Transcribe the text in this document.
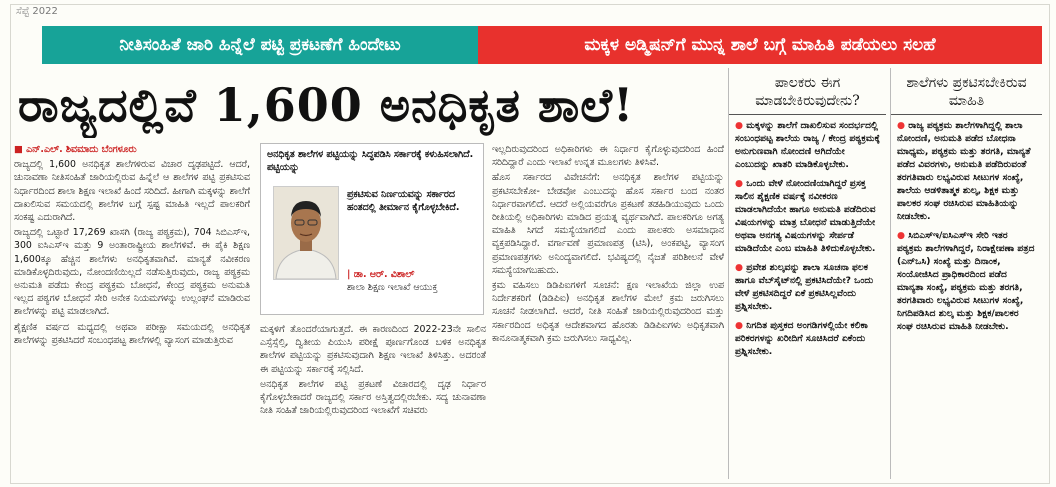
ಸೆಪ್ಟೆ 2022
ನೀತಿಸಂಹಿತೆ ಜಾರಿ ಹಿನ್ನೆಲೆ ಪಟ್ಟಿ ಪ್ರಕಟಣೆಗೆ ಹಿಂದೇಟು	ಮಕ್ಕಳ ಅಡ್ಮಿಷನ್‌ಗೆ ಮುನ್ನ ಶಾಲೆ ಬಗ್ಗೆ ಮಾಹಿತಿ ಪಡೆಯಲು ಸಲಹೆ
ರಾಜ್ಯದಲ್ಲಿವೆ 1,600 ಅನಧಿಕೃತ ಶಾಲೆ!

■ ಎನ್.ಎಲ್. ಶಿವಮಾದು ಬೆಂಗಳೂರು

ರಾಜ್ಯದಲ್ಲಿ 1,600 ಅನಧಿಕೃತ ಶಾಲೆಗಳಿರುವ ವಿಚಾರ ದೃಢಪಟ್ಟಿದೆ. ಆದರೆ, ಚುನಾವಣಾ ನೀತಿಸಂಹಿತೆ ಜಾರಿಯಲ್ಲಿರುವ ಹಿನ್ನೆಲೆ ಆ ಶಾಲೆಗಳ ಪಟ್ಟಿ ಪ್ರಕಟಿಸುವ ನಿರ್ಧಾರದಿಂದ ಶಾಲಾ ಶಿಕ್ಷಣ ಇಲಾಖೆ ಹಿಂದೆ ಸರಿದಿದೆ. ಹೀಗಾಗಿ ಮಕ್ಕಳನ್ನು ಶಾಲೆಗೆ ದಾಖಲಿಸುವ ಸಮಯದಲ್ಲಿ ಶಾಲೆಗಳ ಬಗ್ಗೆ ಸ್ಪಷ್ಟ ಮಾಹಿತಿ ಇಲ್ಲದೆ ಪಾಲಕರಿಗೆ ಸಂಕಷ್ಟ ಎದುರಾಗಿದೆ.

ರಾಜ್ಯದಲ್ಲಿ ಒಟ್ಟಾರೆ 17,269 ಖಾಸಗಿ (ರಾಜ್ಯ ಪಠ್ಯಕ್ರಮ), 704 ಸಿಬಿಎಸ್‌ಇ, 300 ಐಸಿಎಸ್‌ಇ ಮತ್ತು 9 ಅಂತಾರಾಷ್ಟ್ರೀಯ ಶಾಲೆಗಳಿವೆ. ಈ ಪೈಕಿ ಶಿಕ್ಷಣ 1,600ಕ್ಕೂ ಹೆಚ್ಚಿನ ಶಾಲೆಗಳು ಅನಧಿಕೃತವಾಗಿವೆ. ಮಾನ್ಯತೆ ನವೀಕರಣ ಮಾಡಿಕೊಳ್ಳದಿರುವುದು, ನೋಂದಣಿಯಿಲ್ಲದೆ ನಡೆಸುತ್ತಿರುವುದು, ರಾಜ್ಯ ಪಠ್ಯಕ್ರಮ ಅನುಮತಿ ಪಡೆದು ಕೇಂದ್ರ ಪಠ್ಯಕ್ರಮ ಬೋಧನೆ, ಕೇಂದ್ರ ಪಠ್ಯಕ್ರಮ ಅನುಮತಿ ಇಲ್ಲದ ಪಠ್ಯಗಳ ಬೋಧನೆ ಸೇರಿ ಅನೇಕ ನಿಯಮಗಳನ್ನು ಉಲ್ಲಂಘನೆ ಮಾಡಿರುವ ಶಾಲೆಗಳನ್ನು ಪಟ್ಟಿ ಮಾಡಲಾಗಿದೆ.

ಶೈಕ್ಷಣಿಕ ವರ್ಷದ ಮಧ್ಯದಲ್ಲಿ ಅಥವಾ ಪರೀಕ್ಷಾ ಸಮಯದಲ್ಲಿ ಅನಧಿಕೃತ ಶಾಲೆಗಳನ್ನು ಪ್ರಕಟಿಸಿದರೆ ಸಂಬಂಧಪಟ್ಟ ಶಾಲೆಗಳಲ್ಲಿ ವ್ಯಾಸಂಗ ಮಾಡುತ್ತಿರುವ

ಅನಧಿಕೃತ ಶಾಲೆಗಳ ಪಟ್ಟಿಯನ್ನು ಸಿದ್ಧಪಡಿಸಿ ಸರ್ಕಾರಕ್ಕೆ ಕಳುಹಿಸಲಾಗಿದೆ. ಪಟ್ಟಿಯನ್ನು
ಪ್ರಕಟಿಸುವ ನಿರ್ಣಯವನ್ನು ಸರ್ಕಾರದ ಹಂತದಲ್ಲಿ ತೀರ್ಮಾನ ಕೈಗೊಳ್ಳಬೇಕಿದೆ.
| ಡಾ. ಆರ್. ವಿಶಾಲ್
ಶಾಲಾ ಶಿಕ್ಷಣ ಇಲಾಖೆ ಆಯುಕ್ತ

ಮಕ್ಕಳಿಗೆ ತೊಂದರೆಯಾಗುತ್ತದೆ. ಈ ಕಾರಣದಿಂದ 2022-23ನೇ ಸಾಲಿನ ಎಸ್ಸೆಸ್ಸೆಲ್ಸಿ, ದ್ವಿತೀಯ ಪಿಯುಸಿ ಪರೀಕ್ಷೆ ಪೂರ್ಣಗೊಂಡ ಬಳಿಕ ಅನಧಿಕೃತ ಶಾಲೆಗಳ ಪಟ್ಟಿಯನ್ನು ಪ್ರಕಟಿಸುವುದಾಗಿ ಶಿಕ್ಷಣ ಇಲಾಖೆ ತಿಳಿಸಿತ್ತು. ಅದರಂತೆ ಈ ಪಟ್ಟಿಯನ್ನು ಸರ್ಕಾರಕ್ಕೆ ಸಲ್ಲಿಸಿದೆ.

ಅನಧಿಕೃತ ಶಾಲೆಗಳ ಪಟ್ಟಿ ಪ್ರಕಟಣೆ ವಿಚಾರದಲ್ಲಿ ದೃಢ ನಿರ್ಧಾರ ಕೈಗೊಳ್ಳಬೇಕಾದರೆ ರಾಜ್ಯದಲ್ಲಿ ಸರ್ಕಾರ ಅಸ್ತಿತ್ವದಲ್ಲಿರಬೇಕು. ಸದ್ಯ ಚುನಾವಣಾ ನೀತಿ ಸಂಹಿತೆ ಜಾರಿಯಲ್ಲಿರುವುದರಿಂದ ಇಲಾಖೆಗೆ ಸಚಿವರು

ಇಲ್ಲದಿರುವುದರಿಂದ ಅಧಿಕಾರಿಗಳು ಈ ನಿರ್ಧಾರ ಕೈಗೊಳ್ಳುವುದರಿಂದ ಹಿಂದೆ ಸರಿದಿದ್ದಾರೆ ಎಂದು ಇಲಾಖೆ ಉನ್ನತ ಮೂಲಗಳು ತಿಳಿಸಿವೆ.

ಹೊಸ ಸರ್ಕಾರದ ವಿವೇಚನೆಗೆ: ಅನಧಿಕೃತ ಶಾಲೆಗಳ ಪಟ್ಟಿಯನ್ನು ಪ್ರಕಟಿಸಬೇಕೋ- ಬೇಡವೋ ಎಂಬುದನ್ನು ಹೊಸ ಸರ್ಕಾರ ಬಂದ ನಂತರ ನಿರ್ಧಾರವಾಗಲಿದೆ. ಆದರೆ ಅಲ್ಲಿಯವರೆಗೂ ಪ್ರಕಟಣೆ ತಡಹಿಡಿಯುವುದು ಒಂದು ರೀತಿಯಲ್ಲಿ ಅಧಿಕಾರಿಗಳು ಮಾಡಿದ ಪ್ರಯತ್ನ ವ್ಯರ್ಥವಾಗಿದೆ. ಪಾಲಕರಿಗೂ ಅಗತ್ಯ ಮಾಹಿತಿ ಸಿಗದೆ ಸಮಸ್ಯೆಯಾಗಲಿದೆ ಎಂದು ಪಾಲಕರು ಅಸಮಾಧಾನ ವ್ಯಕ್ತಪಡಿಸಿದ್ದಾರೆ. ವರ್ಗಾವಣೆ ಪ್ರಮಾಣಪತ್ರ (ಟಿಸಿ), ಅಂಕಪಟ್ಟಿ, ವ್ಯಾಸಂಗ ಪ್ರಮಾಣಪತ್ರಗಳು ಅನಿಂದ್ಯವಾಗಲಿದೆ. ಭವಿಷ್ಯದಲ್ಲಿ ನೈಜತೆ ಪರಿಶೀಲನೆ ವೇಳೆ ಸಮಸ್ಯೆಯಾಗಬಹುದು.

ಕ್ರಮ ವಹಿಸಲು ಡಿಡಿಪಿಐಗಳಿಗೆ ಸೂಚನೆ: ಕ್ಷಣ ಇಲಾಖೆಯ ಜಿಲ್ಲಾ ಉಪ ನಿರ್ದೇಶಕರಿಗೆ (ಡಿಡಿಪಿಐ) ಅನಧಿಕೃತ ಶಾಲೆಗಳ ಮೇಲೆ ಕ್ರಮ ಜರುಗಿಸಲು ಸೂಚನೆ ನೀಡಲಾಗಿದೆ. ಆದರೆ, ನೀತಿ ಸಂಹಿತೆ ಜಾರಿಯಲ್ಲಿರುವುದರಿಂದ ಮತ್ತು ಸರ್ಕಾರದಿಂದ ಅಧಿಕೃತ ಆದೇಶವಾಗದ ಹೊರತು ಡಿಡಿಪಿಐಗಳು ಅಧಿಕೃತವಾಗಿ ಕಾನೂನಾತ್ಮಕವಾಗಿ ಕ್ರಮ ಜರುಗಿಸಲು ಸಾಧ್ಯವಿಲ್ಲ.

ಪಾಲಕರು ಈಗ ಮಾಡಬೇಕಿರುವುದೇನು?
● ಮಕ್ಕಳನ್ನು ಶಾಲೆಗೆ ದಾಖಲಿಸುವ ಸಂದರ್ಭದಲ್ಲಿ ಸಂಬಂಧಪಟ್ಟ ಶಾಲೆಯ ರಾಜ್ಯ / ಕೇಂದ್ರ ಪಠ್ಯಕ್ರಮಕ್ಕೆ ಅನುಗುಣವಾಗಿ ನೋಂದಣಿ ಆಗಿದೆಯೇ ಎಂಬುದನ್ನು ಖಾತರಿ ಮಾಡಿಕೊಳ್ಳಬೇಕು.
● ಒಂದು ವೇಳೆ ನೋಂದಣಿಯಾಗಿದ್ದರೆ ಪ್ರಸಕ್ತ ಸಾಲಿನ ಶೈಕ್ಷಣಿಕ ವರ್ಷಕ್ಕೆ ನವೀಕರಣ ಮಾಡಲಾಗಿದೆಯೇ ಹಾಗೂ ಅನುಮತಿ ಪಡೆದಿರುವ ವಿಷಯಗಳನ್ನು ಮಾತ್ರ ಬೋಧನೆ ಮಾಡುತ್ತಿದೆಯೇ ಅಥವಾ ಅನಗತ್ಯ ವಿಷಯಗಳನ್ನು ಸೇರ್ಪಡೆ ಮಾಡಿದೆಯೇ ಎಂಬ ಮಾಹಿತಿ ತಿಳಿದುಕೊಳ್ಳಬೇಕು.
● ಪ್ರವೇಶ ಶುಲ್ಕವನ್ನು ಶಾಲಾ ಸೂಚನಾ ಫಲಕ ಹಾಗೂ ವೆಬ್‌ಸೈಟ್‌ನಲ್ಲಿ ಪ್ರಕಟಿಸಿದೆಯೇ? ಒಂದು ವೇಳೆ ಪ್ರಕಟಿಸದಿದ್ದರೆ ಏಕೆ ಪ್ರಕಟಿಸಿಲ್ಲವೆಂದು ಪ್ರಶ್ನಿಸಬೇಕು.
● ನಿಗದಿತ ಪುಸ್ತಕದ ಅಂಗಡಿಗಳಲ್ಲಿಯೇ ಕಲಿಕಾ ಪರಿಕರಗಳನ್ನು ಖರೀದಿಗೆ ಸೂಚಿಸಿದರೆ ಏಕೆಂದು ಪ್ರಶ್ನಿಸಬೇಕು.
ಶಾಲೆಗಳು ಪ್ರಕಟಿಸಬೇಕಿರುವ ಮಾಹಿತಿ
● ರಾಜ್ಯ ಪಠ್ಯಕ್ರಮ ಶಾಲೆಗಳಾಗಿದ್ದಲ್ಲಿ ಶಾಲಾ ನೋಂದಣಿ, ಅನುಮತಿ ಪಡೆದ ಬೋಧನಾ ಮಾಧ್ಯಮ, ಪಠ್ಯಕ್ರಮ ಮತ್ತು ತರಗತಿ, ಮಾನ್ಯತೆ ಪಡೆದ ವಿವರಗಳು, ಅನುಮತಿ ಪಡೆದಿರುವಂತೆ ತರಗತಿವಾರು ಲಭ್ಯವಿರುವ ಸೀಟುಗಳ ಸಂಖ್ಯೆ, ಶಾಲೆಯ ಆಡಳಿತಾತ್ಮಕ ಶುಲ್ಕ, ಶಿಕ್ಷಕ ಮತ್ತು ಪಾಲಕರ ಸಂಘ ರಚಿಸಿರುವ ಮಾಹಿತಿಯನ್ನು ನೀಡಬೇಕು.
● ಸಿಬಿಎಸ್‌ಇ/ಐಸಿಎಸ್‌ಇ ಸೇರಿ ಇತರ ಪಠ್ಯಕ್ರಮ ಶಾಲೆಗಳಾಗಿದ್ದರೆ, ನಿರಾಕ್ಷೇಪಣಾ ಪತ್ರದ (ಎನ್‌ಒಸಿ) ಸಂಖ್ಯೆ ಮತ್ತು ದಿನಾಂಕ, ಸಂಯೋಜಿಸಿದ ಪ್ರಾಧಿಕಾರದಿಂದ ಪಡೆದ ಮಾನ್ಯತಾ ಸಂಖ್ಯೆ, ಪಠ್ಯಕ್ರಮ ಮತ್ತು ತರಗತಿ, ತರಗತಿವಾರು ಲಭ್ಯವಿರುವ ಸೀಟುಗಳ ಸಂಖ್ಯೆ, ನಿಗದಿಪಡಿಸಿದ ಶುಲ್ಕ ಮತ್ತು ಶಿಕ್ಷಕ/ಪಾಲಕರ ಸಂಘ ರಚಿಸಿರುವ ಮಾಹಿತಿ ನೀಡಬೇಕು.
